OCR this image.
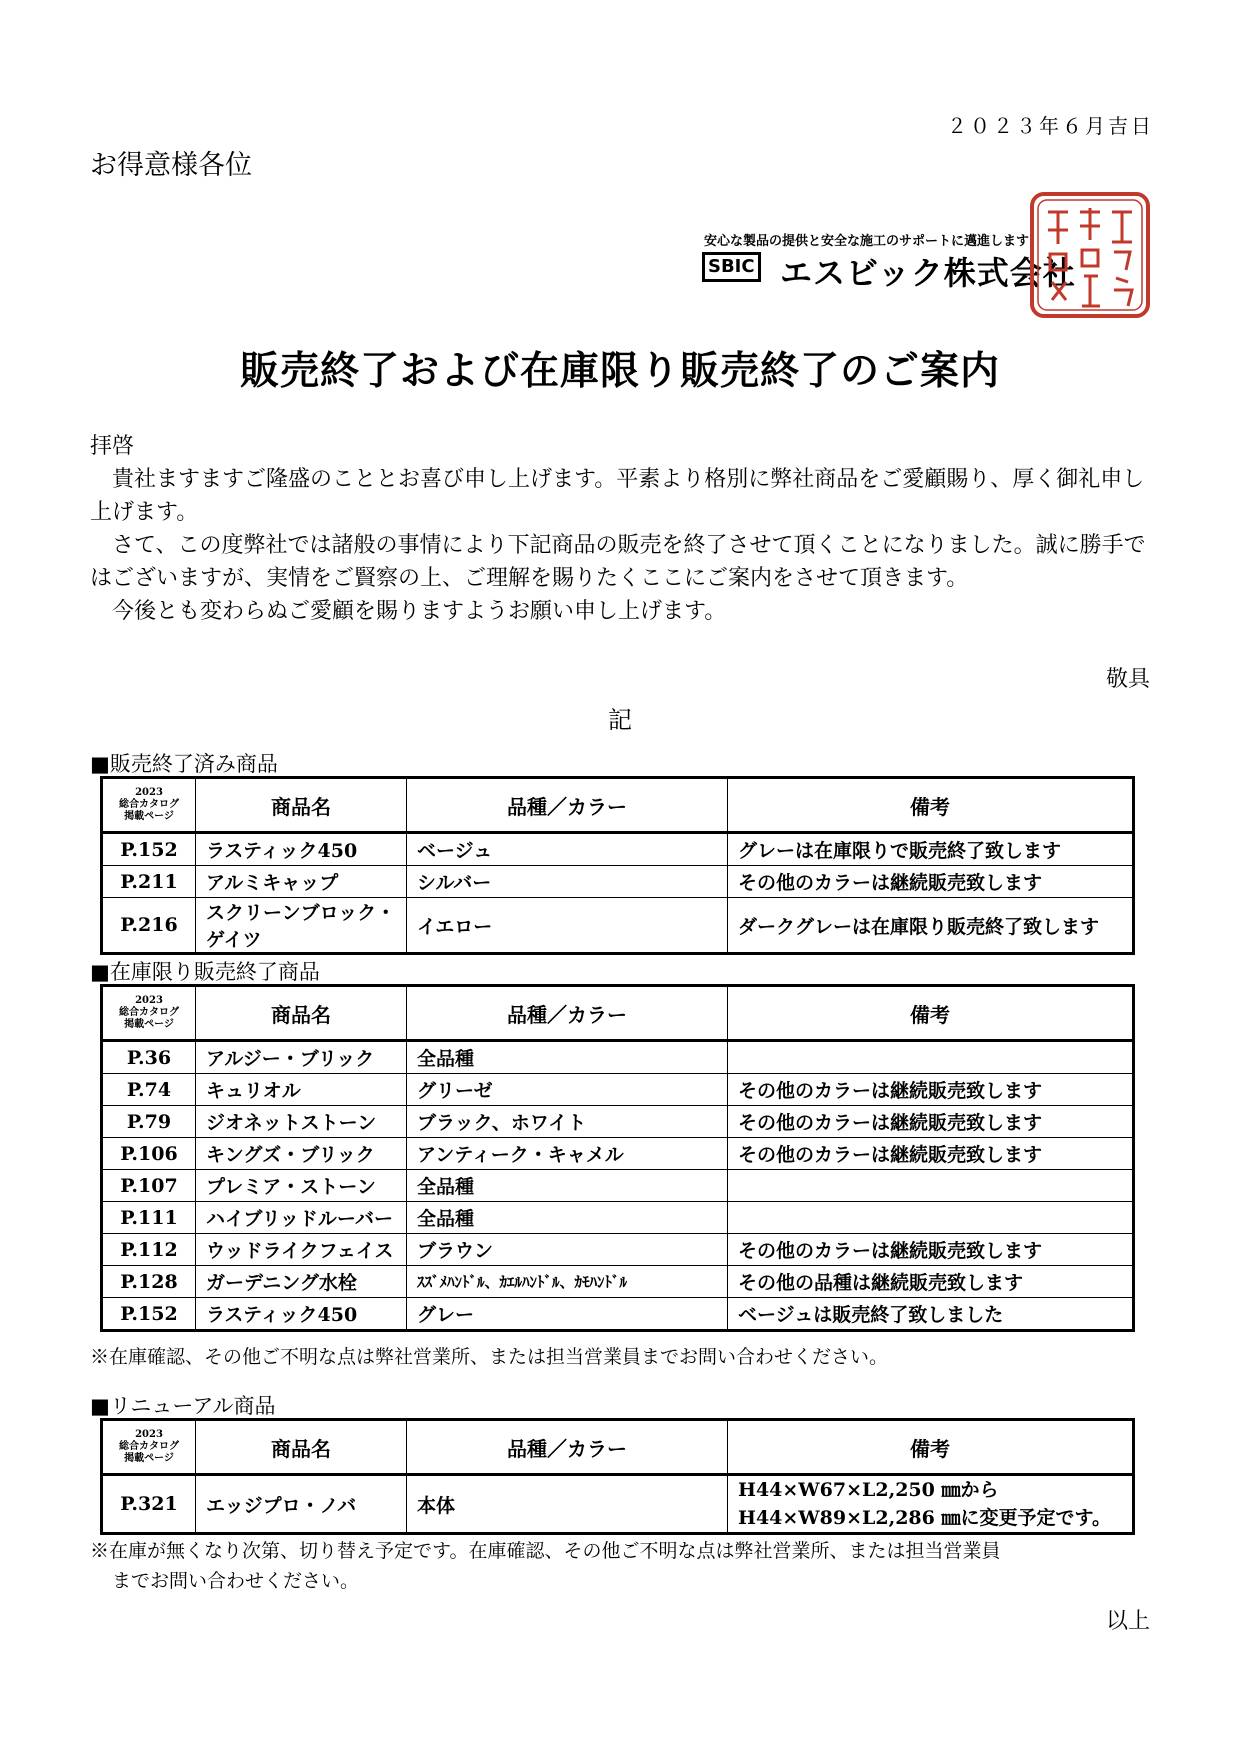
２０２３年６月吉日
お得意様各位
安心な製品の提供と安全な施工のサポートに邁進します
SBIC エスビック株式会社
販売終了および在庫限り販売終了のご案内

拝啓

貴社ますますご隆盛のこととお喜び申し上げます。平素より格別に弊社商品をご愛顧賜り、厚く御礼申し上げます。

さて、この度弊社では諸般の事情により下記商品の販売を終了させて頂くことになりました。誠に勝手ではございますが、実情をご賢察の上、ご理解を賜りたくここにご案内をさせて頂きます。

今後とも変わらぬご愛顧を賜りますようお願い申し上げます。

敬具
記
■販売終了済み商品
2023
総合カタログ
掲載ページ	商品名	品種／カラー	備考
P.152	ラスティック450	ベージュ	グレーは在庫限りで販売終了致します
P.211	アルミキャップ	シルバー	その他のカラーは継続販売致します
P.216	スクリーンブロック・ゲイツ	イエロー	ダークグレーは在庫限り販売終了致します
■在庫限り販売終了商品
2023
総合カタログ
掲載ページ	商品名	品種／カラー	備考
P.36	アルジー・ブリック	全品種	
P.74	キュリオル	グリーゼ	その他のカラーは継続販売致します
P.79	ジオネットストーン	ブラック、ホワイト	その他のカラーは継続販売致します
P.106	キングズ・ブリック	アンティーク・キャメル	その他のカラーは継続販売致します
P.107	プレミア・ストーン	全品種	
P.111	ハイブリッドルーバー	全品種	
P.112	ウッドライクフェイス	ブラウン	その他のカラーは継続販売致します
P.128	ガーデニング水栓	ｽｽﾞﾒﾊﾝﾄﾞﾙ、ｶｴﾙﾊﾝﾄﾞﾙ、ｶﾓﾊﾝﾄﾞﾙ	その他の品種は継続販売致します
P.152	ラスティック450	グレー	ベージュは販売終了致しました
※在庫確認、その他ご不明な点は弊社営業所、または担当営業員までお問い合わせください。
■リニューアル商品
2023
総合カタログ
掲載ページ	商品名	品種／カラー	備考
P.321	エッジプロ・ノバ	本体	H44×W67×L2,250 ㎜から
H44×W89×L2,286 ㎜に変更予定です。
※在庫が無くなり次第、切り替え予定です。在庫確認、その他ご不明な点は弊社営業所、または担当営業員
までお問い合わせください。
以上
